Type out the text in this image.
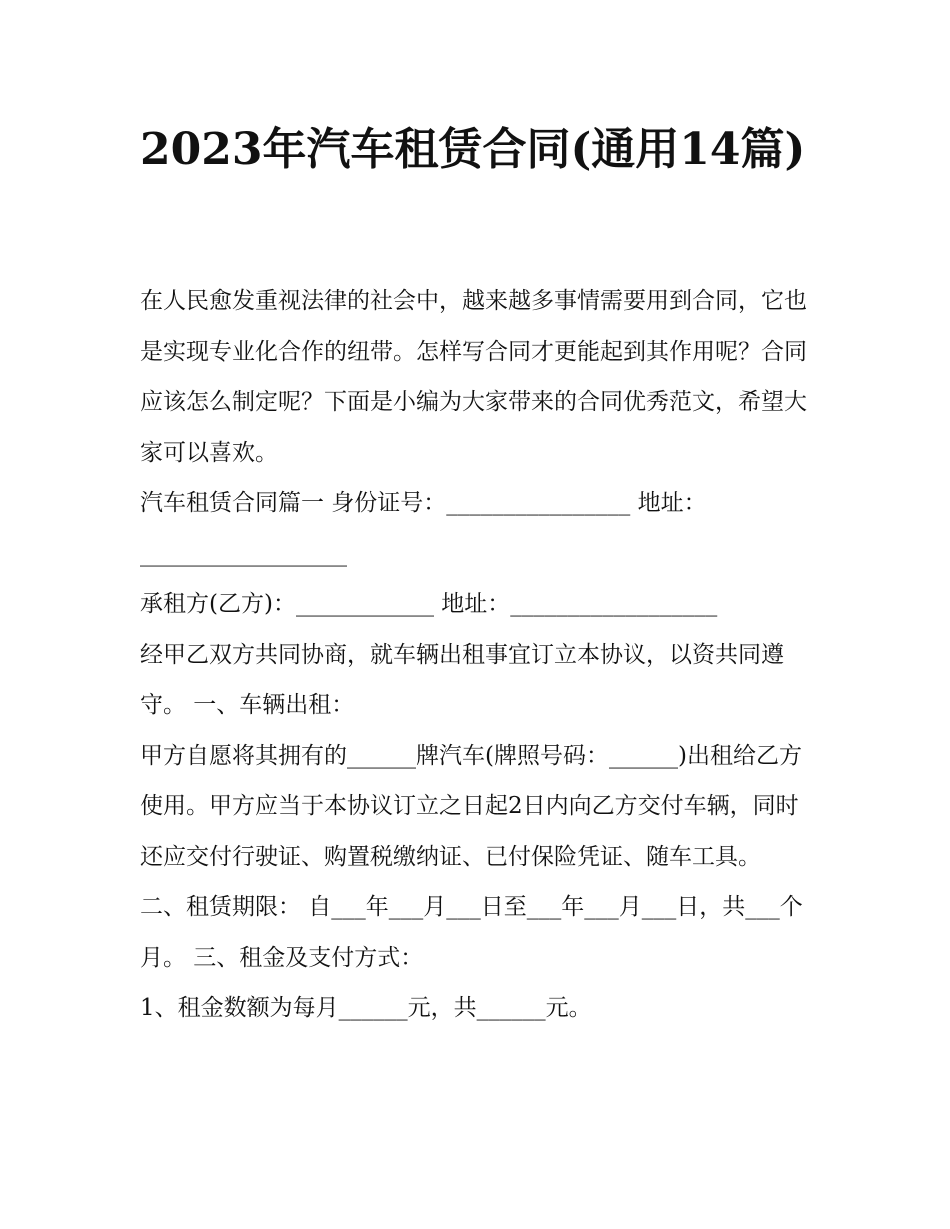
2023年汽车租赁合同(通用14篇)

在人民愈发重视法律的社会中，越来越多事情需要用到合同，它也是实现专业化合作的纽带。怎样写合同才更能起到其作用呢？合同应该怎么制定呢？下面是小编为大家带来的合同优秀范文，希望大家可以喜欢。

汽车租赁合同篇一 身份证号：________________ 地址：__________________

承租方(乙方)：____________ 地址：__________________

经甲乙双方共同协商，就车辆出租事宜订立本协议，以资共同遵守。 一、车辆出租：

甲方自愿将其拥有的______牌汽车(牌照号码：______)出租给乙方使用。甲方应当于本协议订立之日起2日内向乙方交付车辆，同时还应交付行驶证、购置税缴纳证、已付保险凭证、随车工具。

二、租赁期限： 自___年___月___日至___年___月___日，共___个月。 三、租金及支付方式：

1、租金数额为每月______元，共______元。
